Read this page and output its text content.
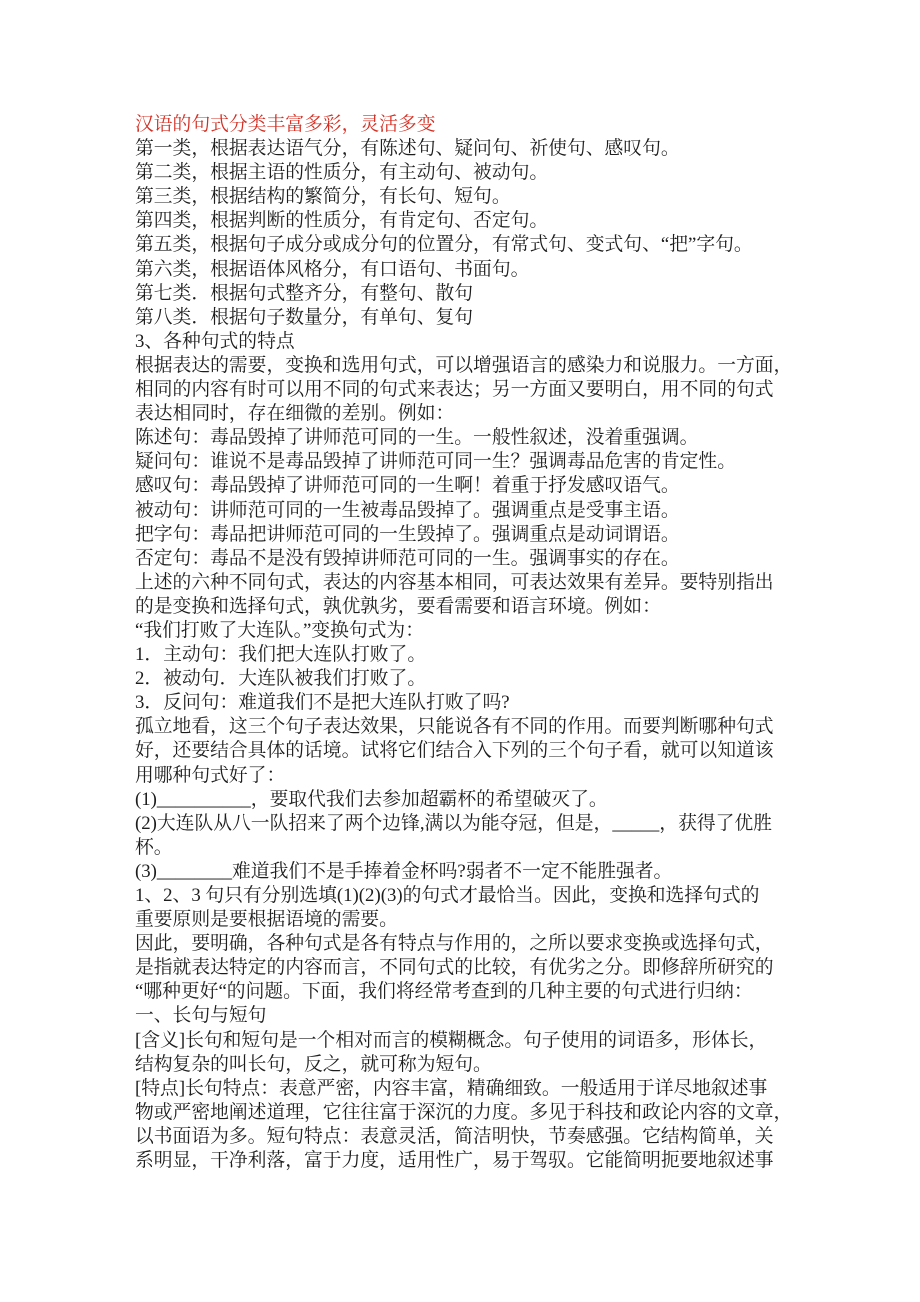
汉语的句式分类丰富多彩，灵活多变
第一类，根据表达语气分，有陈述句、疑问句、祈使句、感叹句。
第二类，根据主语的性质分，有主动句、被动句。
第三类，根据结构的繁简分，有长句、短句。
第四类，根据判断的性质分，有肯定句、否定句。
第五类，根据句子成分或成分句的位置分，有常式句、变式句、“把”字句。
第六类，根据语体风格分，有口语句、书面句。
第七类．根据句式整齐分，有整句、散句
第八类．根据句子数量分，有单句、复句
3、各种句式的特点
根据表达的需要，变换和选用句式，可以增强语言的感染力和说服力。一方面，
相同的内容有时可以用不同的句式来表达；另一方面又要明白，用不同的句式
表达相同时，存在细微的差别。例如：
陈述句：毒品毁掉了讲师范可同的一生。一般性叙述，没着重强调。
疑问句：谁说不是毒品毁掉了讲师范可同一生？强调毒品危害的肯定性。
感叹句：毒品毁掉了讲师范可同的一生啊！着重于抒发感叹语气。
被动句：讲师范可同的一生被毒品毁掉了。强调重点是受事主语。
把字句：毒品把讲师范可同的一生毁掉了。强调重点是动词谓语。
否定句：毒品不是没有毁掉讲师范可同的一生。强调事实的存在。
上述的六种不同句式，表达的内容基本相同，可表达效果有差异。要特别指出
的是变换和选择句式，孰优孰劣，要看需要和语言环境。例如：
“我们打败了大连队。”变换句式为：
1．主动句：我们把大连队打败了。
2．被动句．大连队被我们打败了。
3．反问句：难道我们不是把大连队打败了吗?
孤立地看，这三个句子表达效果，只能说各有不同的作用。而要判断哪种句式
好，还要结合具体的话境。试将它们结合入下列的三个句子看，就可以知道该
用哪种句式好了：
(1)__________，要取代我们去参加超霸杯的希望破灭了。
(2)大连队从八一队招来了两个边锋,满以为能夺冠，但是，_____，获得了优胜
杯。
(3)________难道我们不是手捧着金杯吗?弱者不一定不能胜强者。
1、2、3 句只有分别选填(1)(2)(3)的句式才最恰当。因此，变换和选择句式的
重要原则是要根据语境的需要。
因此，要明确，各种句式是各有特点与作用的，之所以要求变换或选择句式，
是指就表达特定的内容而言，不同句式的比较，有优劣之分。即修辞所研究的
“哪种更好“的问题。下面，我们将经常考查到的几种主要的句式进行归纳：
一、长句与短句
[含义]长句和短句是一个相对而言的模糊概念。句子使用的词语多，形体长，
结构复杂的叫长句，反之，就可称为短句。
[特点]长句特点：表意严密，内容丰富，精确细致。一般适用于详尽地叙述事
物或严密地阐述道理，它往往富于深沉的力度。多见于科技和政论内容的文章，
以书面语为多。短句特点：表意灵活，简洁明快，节奏感强。它结构简单，关
系明显，干净利落，富于力度，适用性广，易于驾驭。它能简明扼要地叙述事
